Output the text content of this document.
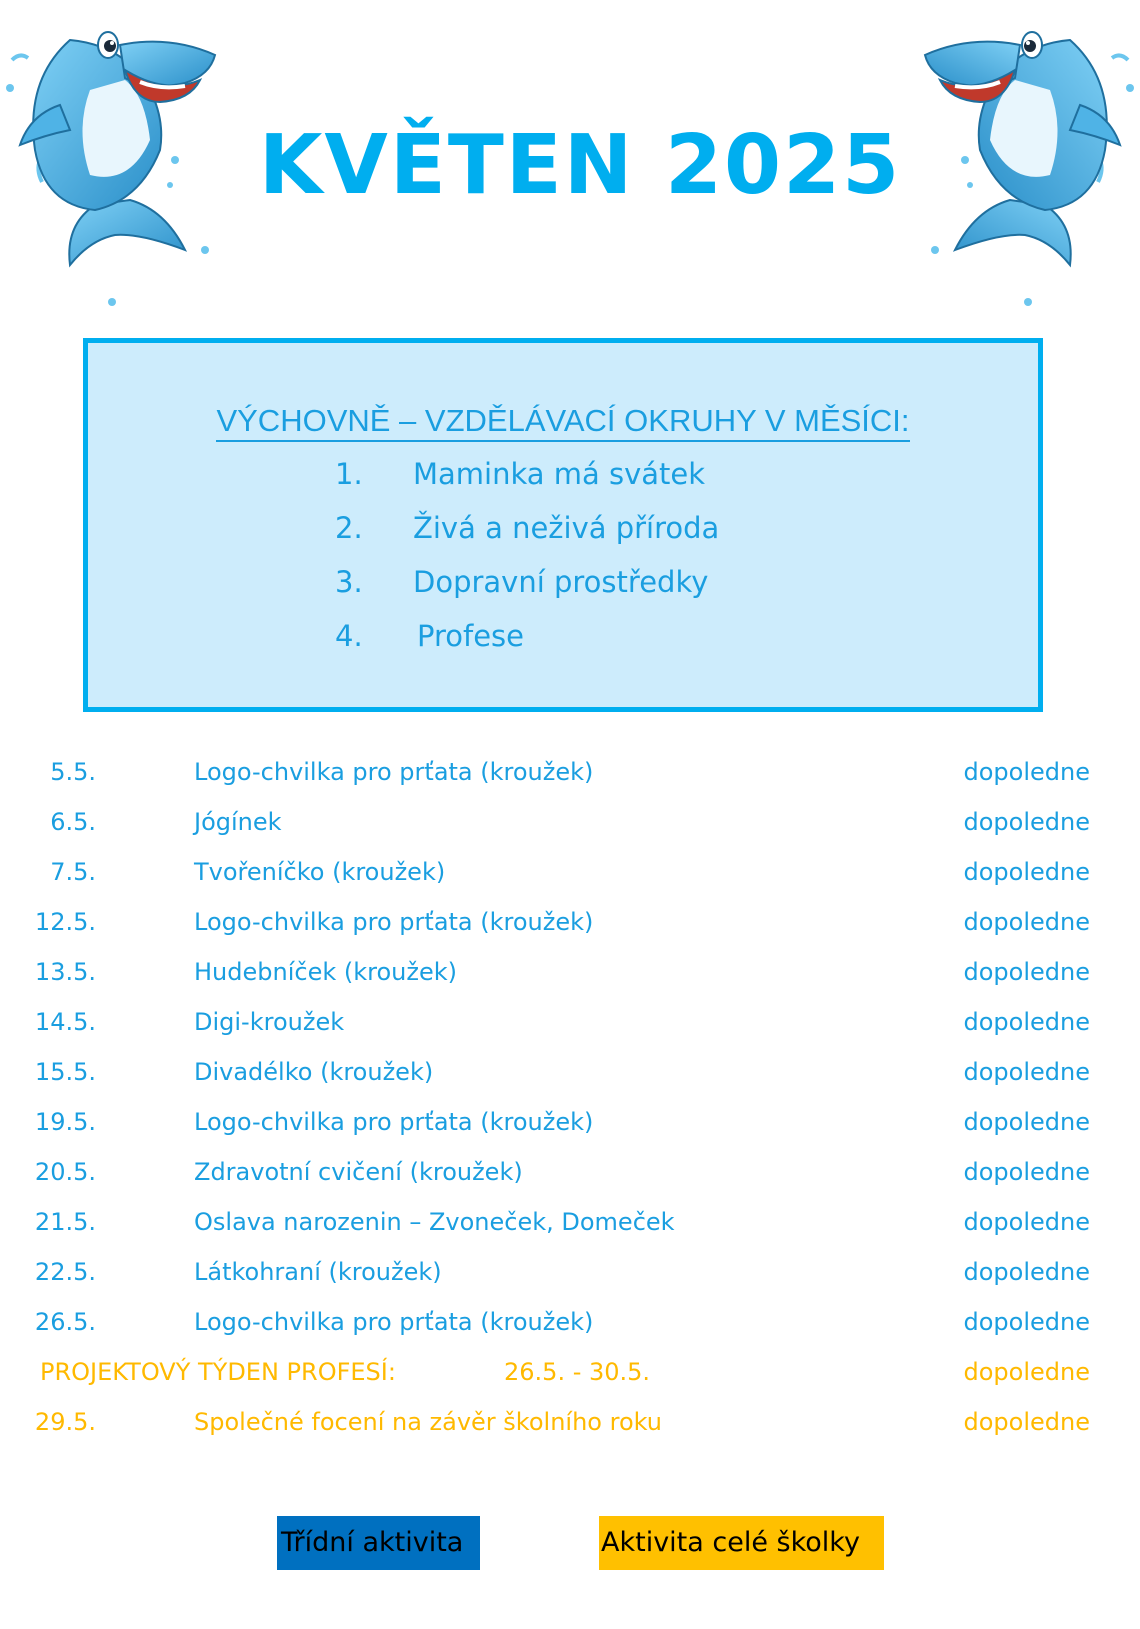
KVĚTEN 2025
VÝCHOVNĚ – VZDĚLÁVACÍ OKRUHY V MĚSÍCI:
1.	Maminka má svátek
2.	Živá a neživá příroda
3.	Dopravní prostředky
4.	Profese
5.5.	Logo-chvilka pro prťata (kroužek)	dopoledne
6.5.	Jógínek	dopoledne
7.5.	Tvořeníčko (kroužek)	dopoledne
12.5.	Logo-chvilka pro prťata (kroužek)	dopoledne
13.5.	Hudebníček (kroužek)	dopoledne
14.5.	Digi-kroužek	dopoledne
15.5.	Divadélko (kroužek)	dopoledne
19.5.	Logo-chvilka pro prťata (kroužek)	dopoledne
20.5.	Zdravotní cvičení (kroužek)	dopoledne
21.5.	Oslava narozenin – Zvoneček, Domeček	dopoledne
22.5.	Látkohraní (kroužek)	dopoledne
26.5.	Logo-chvilka pro prťata (kroužek)	dopoledne
PROJEKTOVÝ TÝDEN PROFESÍ:	26.5. - 30.5.	dopoledne
29.5.	Společné focení na závěr školního roku	dopoledne
Třídní aktivita	Aktivita celé školky
